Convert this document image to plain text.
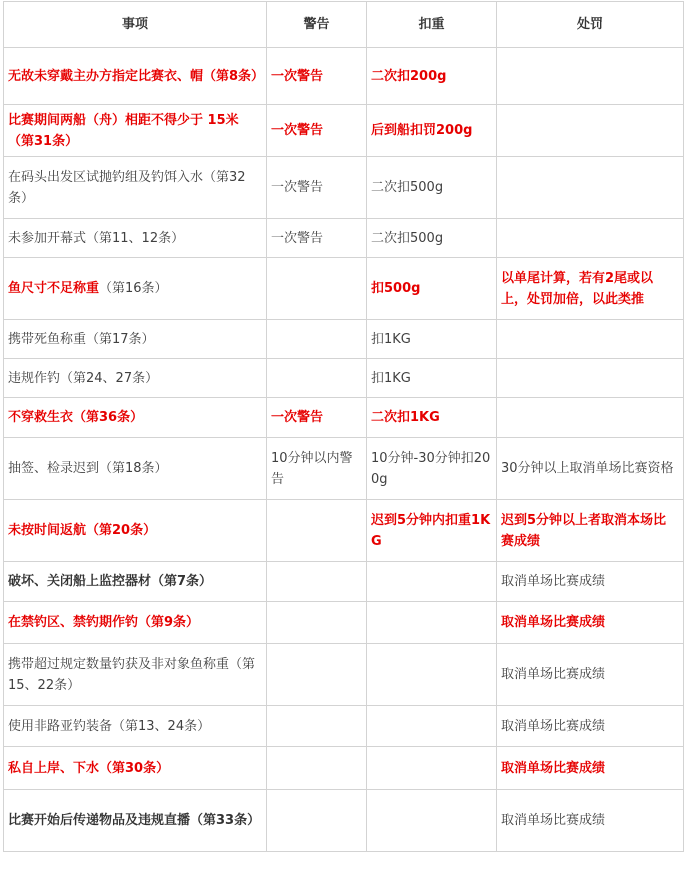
事项	警告	扣重	处罚
无故未穿戴主办方指定比赛衣、帽（第8条）	一次警告	二次扣200g	
比赛期间两船（舟）相距不得少于 15米（第31条）	一次警告	后到船扣罚200g	
在码头出发区试抛钓组及钓饵入水（第32条）	一次警告	二次扣500g	
未参加开幕式（第11、12条）	一次警告	二次扣500g	
鱼尺寸不足称重（第16条）		扣500g	以单尾计算，若有2尾或以上，处罚加倍，以此类推
携带死鱼称重（第17条）		扣1KG	
违规作钓（第24、27条）		扣1KG	
不穿救生衣（第36条）	一次警告	二次扣1KG	
抽签、检录迟到（第18条）	10分钟以内警告	10分钟-30分钟扣200g	30分钟以上取消单场比赛资格
未按时间返航（第20条）		迟到5分钟内扣重1KG	迟到5分钟以上者取消本场比赛成绩
破坏、关闭船上监控器材（第7条）			取消单场比赛成绩
在禁钓区、禁钓期作钓（第9条）			取消单场比赛成绩
携带超过规定数量钓获及非对象鱼称重（第15、22条）			取消单场比赛成绩
使用非路亚钓装备（第13、24条）			取消单场比赛成绩
私自上岸、下水（第30条）			取消单场比赛成绩
比赛开始后传递物品及违规直播（第33条）			取消单场比赛成绩
